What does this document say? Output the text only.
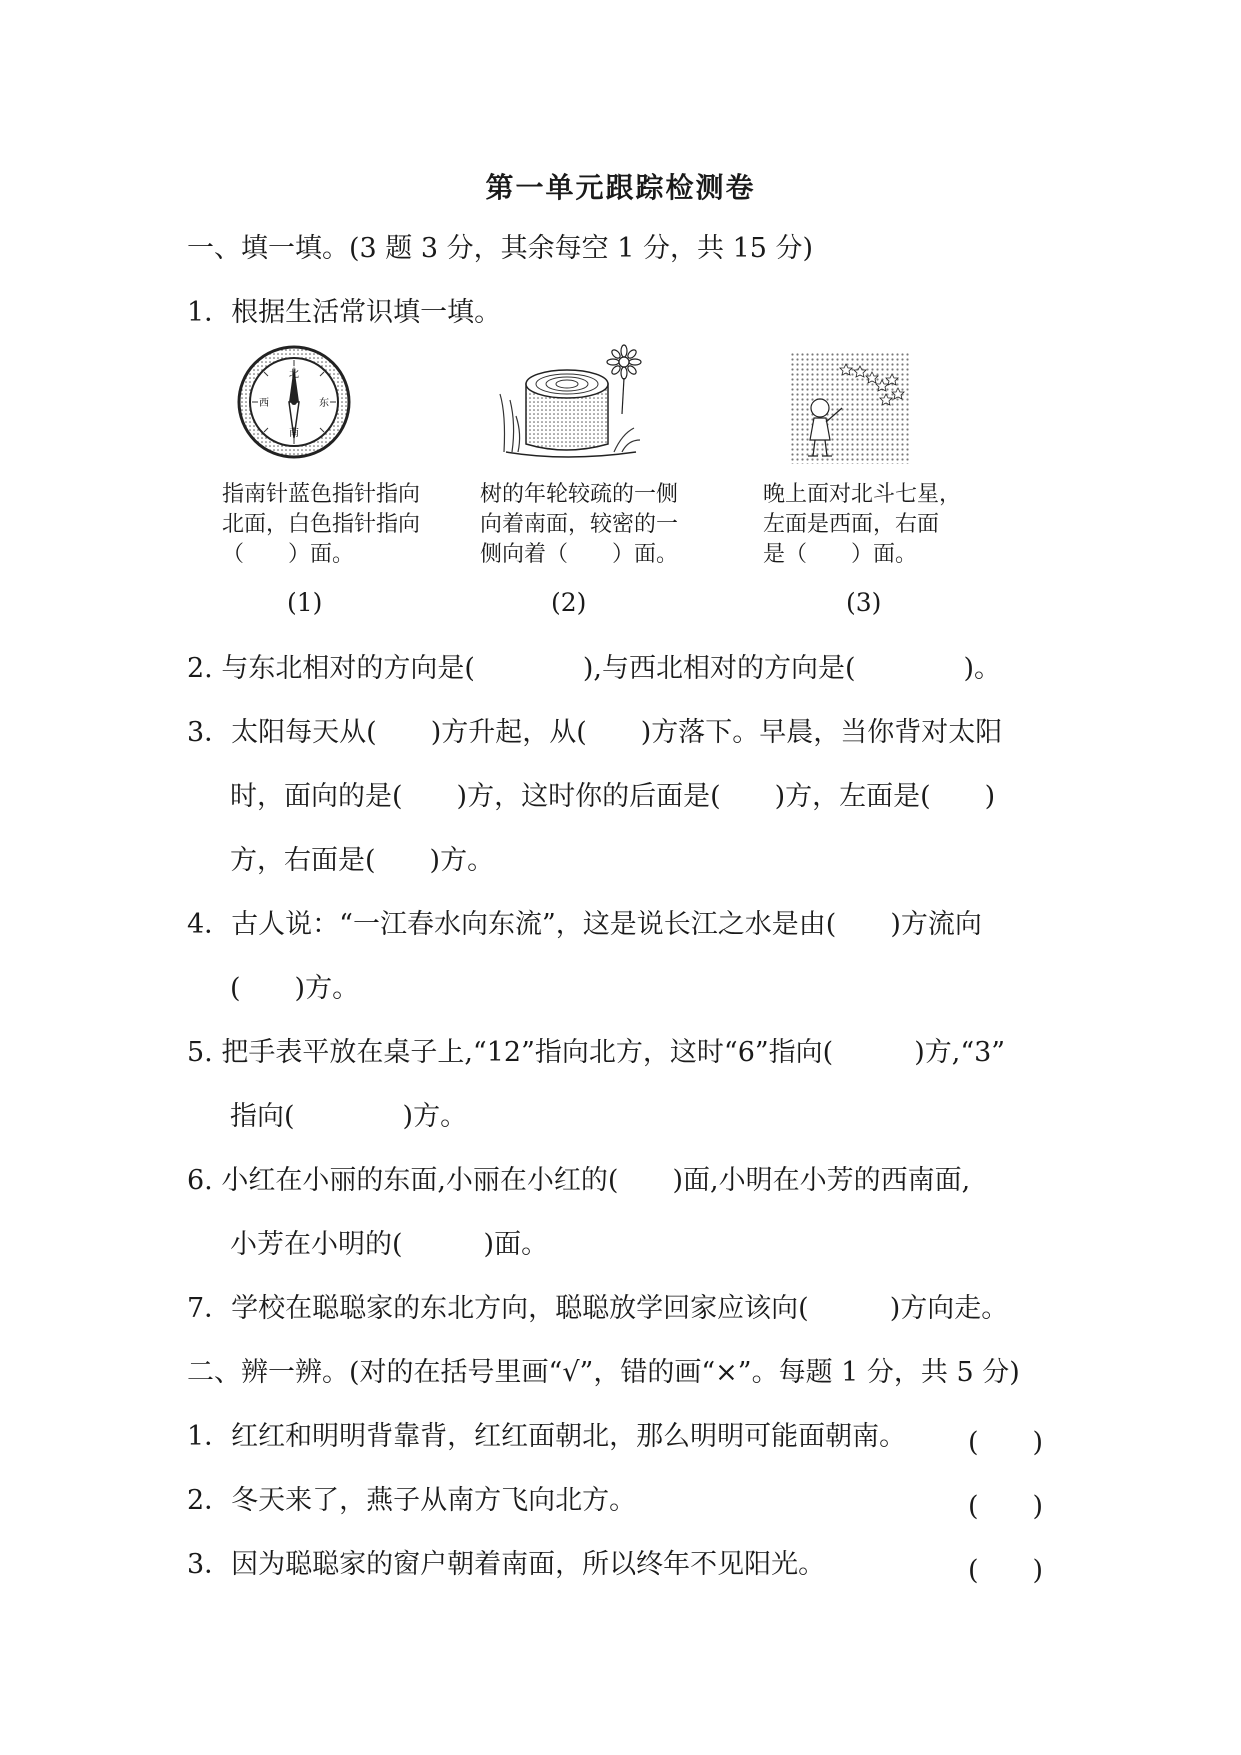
第一单元跟踪检测卷
一、填一填。(3 题 3 分，其余每空 1 分，共 15 分)
1．根据生活常识填一填。
北
南
东
西
指南针蓝色指针指向
北面，白色指针指向
（　　）面。
树的年轮较疏的一侧
向着南面，较密的一
侧向着（　　）面。
晚上面对北斗七星，
左面是西面，右面
是（　　）面。
(1)	(2)	(3)
2. 与东北相对的方向是(　　　　),与西北相对的方向是(　　　　)。
3．太阳每天从(　　)方升起，从(　　)方落下。早晨，当你背对太阳
时，面向的是(　　)方，这时你的后面是(　　)方，左面是(　　)
方，右面是(　　)方。
4．古人说：“一江春水向东流”，这是说长江之水是由(　　)方流向
(　　)方。
5. 把手表平放在桌子上,“12”指向北方，这时“6”指向(　　　)方,“3”
指向(　　　　)方。
6. 小红在小丽的东面,小丽在小红的(　　)面,小明在小芳的西南面,
小芳在小明的(　　　)面。
7．学校在聪聪家的东北方向，聪聪放学回家应该向(　　　)方向走。
二、辨一辨。(对的在括号里画“√”，错的画“×”。每题 1 分，共 5 分)
1．红红和明明背靠背，红红面朝北，那么明明可能面朝南。 (　　)
2．冬天来了，燕子从南方飞向北方。	(　　)
3．因为聪聪家的窗户朝着南面，所以终年不见阳光。	(　　)
